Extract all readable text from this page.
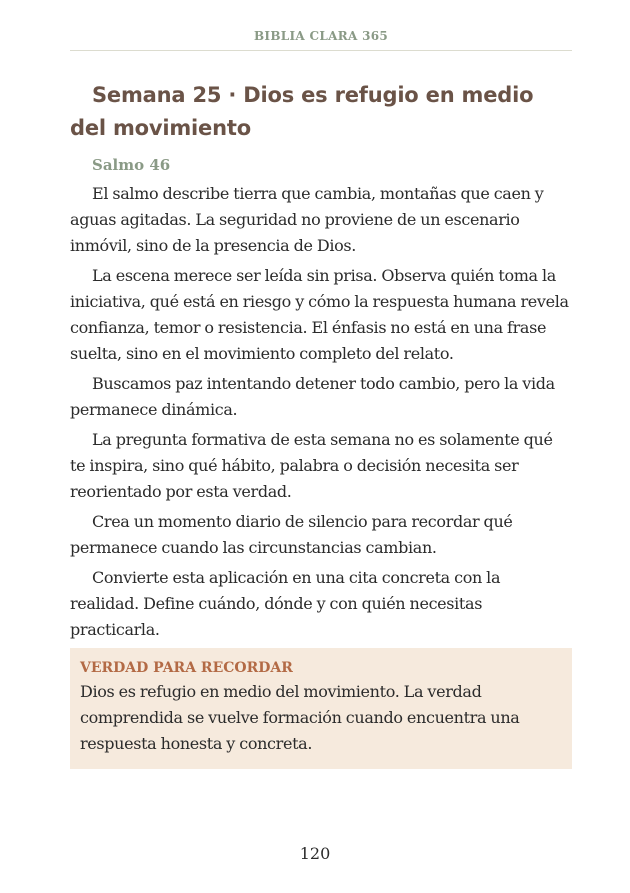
BIBLIA CLARA 365
Semana 25 · Dios es refugio en medio del movimiento
Salmo 46

El salmo describe tierra que cambia, montañas que caen y aguas agitadas. La seguridad no proviene de un escenario inmóvil, sino de la presencia de Dios.

La escena merece ser leída sin prisa. Observa quién toma la iniciativa, qué está en riesgo y cómo la respuesta humana revela confianza, temor o resistencia. El énfasis no está en una frase suelta, sino en el movimiento completo del relato.

Buscamos paz intentando detener todo cambio, pero la vida permanece dinámica.

La pregunta formativa de esta semana no es solamente qué te inspira, sino qué hábito, palabra o decisión necesita ser reorientado por esta verdad.

Crea un momento diario de silencio para recordar qué permanece cuando las circunstancias cambian.

Convierte esta aplicación en una cita concreta con la realidad. Define cuándo, dónde y con quién necesitas practicarla.

VERDAD PARA RECORDAR
Dios es refugio en medio del movimiento. La verdad comprendida se vuelve formación cuando encuentra una respuesta honesta y concreta.
120
